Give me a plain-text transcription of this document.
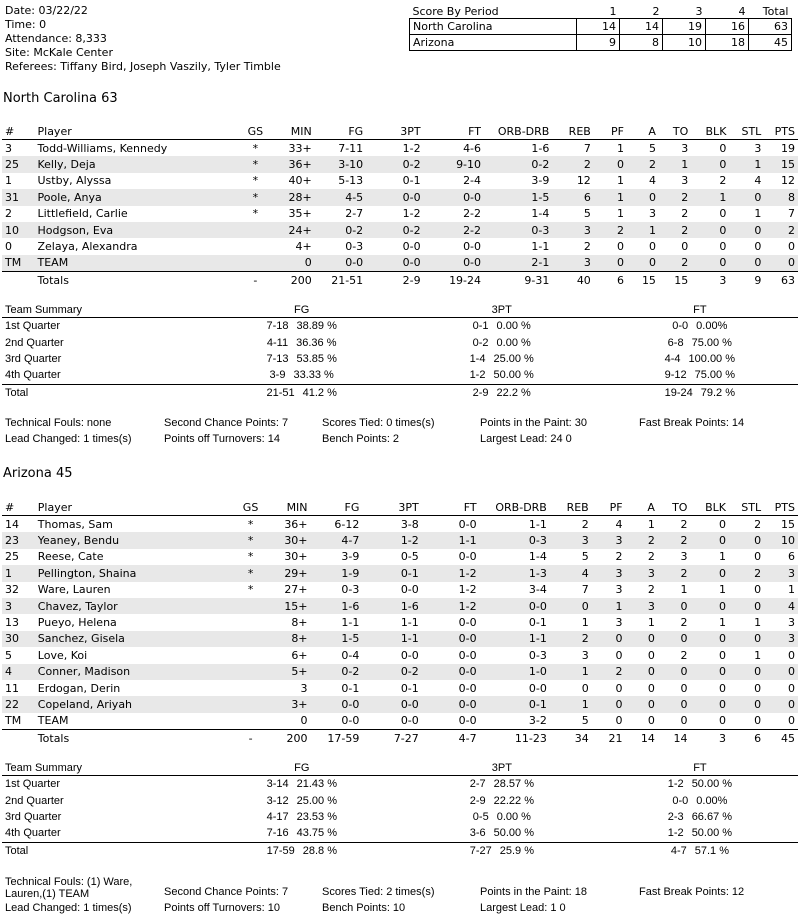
Date: 03/22/22
Time: 0
Attendance: 8,333
Site: McKale Center
Referees: Tiffany Bird, Joseph Vaszily, Tyler Timble
Score By Period	1	2	3	4	Total
North Carolina	14	14	19	16	63
Arizona	9	8	10	18	45
North Carolina 63
#	Player	GS	MIN	FG	3PT	FT	ORB-DRB	REB	PF	A	TO	BLK	STL	PTS
3	Todd-Williams, Kennedy	*	33+	7-11	1-2	4-6	1-6	7	1	5	3	0	3	19
25	Kelly, Deja	*	36+	3-10	0-2	9-10	0-2	2	0	2	1	0	1	15
1	Ustby, Alyssa	*	40+	5-13	0-1	2-4	3-9	12	1	4	3	2	4	12
31	Poole, Anya	*	28+	4-5	0-0	0-0	1-5	6	1	0	2	1	0	8
2	Littlefield, Carlie	*	35+	2-7	1-2	2-2	1-4	5	1	3	2	0	1	7
10	Hodgson, Eva		24+	0-2	0-2	2-2	0-3	3	2	1	2	0	0	2
0	Zelaya, Alexandra		4+	0-3	0-0	0-0	1-1	2	0	0	0	0	0	0
TM	TEAM		0	0-0	0-0	0-0	2-1	3	0	0	2	0	0	0
	Totals	-	200	21-51	2-9	19-24	9-31	40	6	15	15	3	9	63
Team Summary	FG	3PT	FT
1st Quarter	7-18 38.89 %	0-1 0.00 %	0-0 0.00%
2nd Quarter	4-11 36.36 %	0-2 0.00 %	6-8 75.00 %
3rd Quarter	7-13 53.85 %	1-4 25.00 %	4-4 100.00 %
4th Quarter	3-9 33.33 %	1-2 50.00 %	9-12 75.00 %
Total	21-51 41.2 %	2-9 22.2 %	19-24 79.2 %
Technical Fouls: none
Lead Changed: 1 times(s)
Second Chance Points: 7
Points off Turnovers: 14
Scores Tied: 0 times(s)
Bench Points: 2
Points in the Paint: 30
Largest Lead: 24 0
Fast Break Points: 14
Arizona 45
#	Player	GS	MIN	FG	3PT	FT	ORB-DRB	REB	PF	A	TO	BLK	STL	PTS
14	Thomas, Sam	*	36+	6-12	3-8	0-0	1-1	2	4	1	2	0	2	15
23	Yeaney, Bendu	*	30+	4-7	1-2	1-1	0-3	3	3	2	2	0	0	10
25	Reese, Cate	*	30+	3-9	0-5	0-0	1-4	5	2	2	3	1	0	6
1	Pellington, Shaina	*	29+	1-9	0-1	1-2	1-3	4	3	3	2	0	2	3
32	Ware, Lauren	*	27+	0-3	0-0	1-2	3-4	7	3	2	1	1	0	1
3	Chavez, Taylor		15+	1-6	1-6	1-2	0-0	0	1	3	0	0	0	4
13	Pueyo, Helena		8+	1-1	1-1	0-0	0-1	1	3	1	2	1	1	3
30	Sanchez, Gisela		8+	1-5	1-1	0-0	1-1	2	0	0	0	0	0	3
5	Love, Koi		6+	0-4	0-0	0-0	0-3	3	0	0	2	0	1	0
4	Conner, Madison		5+	0-2	0-2	0-0	1-0	1	2	0	0	0	0	0
11	Erdogan, Derin		3	0-1	0-1	0-0	0-0	0	0	0	0	0	0	0
22	Copeland, Ariyah		3+	0-0	0-0	0-0	0-1	1	0	0	0	0	0	0
TM	TEAM		0	0-0	0-0	0-0	3-2	5	0	0	0	0	0	0
	Totals	-	200	17-59	7-27	4-7	11-23	34	21	14	14	3	6	45
Team Summary	FG	3PT	FT
1st Quarter	3-14 21.43 %	2-7 28.57 %	1-2 50.00 %
2nd Quarter	3-12 25.00 %	2-9 22.22 %	0-0 0.00%
3rd Quarter	4-17 23.53 %	0-5 0.00 %	2-3 66.67 %
4th Quarter	7-16 43.75 %	3-6 50.00 %	1-2 50.00 %
Total	17-59 28.8 %	7-27 25.9 %	4-7 57.1 %
Technical Fouls: (1) Ware, Lauren,(1) TEAM
Lead Changed: 1 times(s)
Second Chance Points: 7
Points off Turnovers: 10
Scores Tied: 2 times(s)
Bench Points: 10
Points in the Paint: 18
Largest Lead: 1 0
Fast Break Points: 12
